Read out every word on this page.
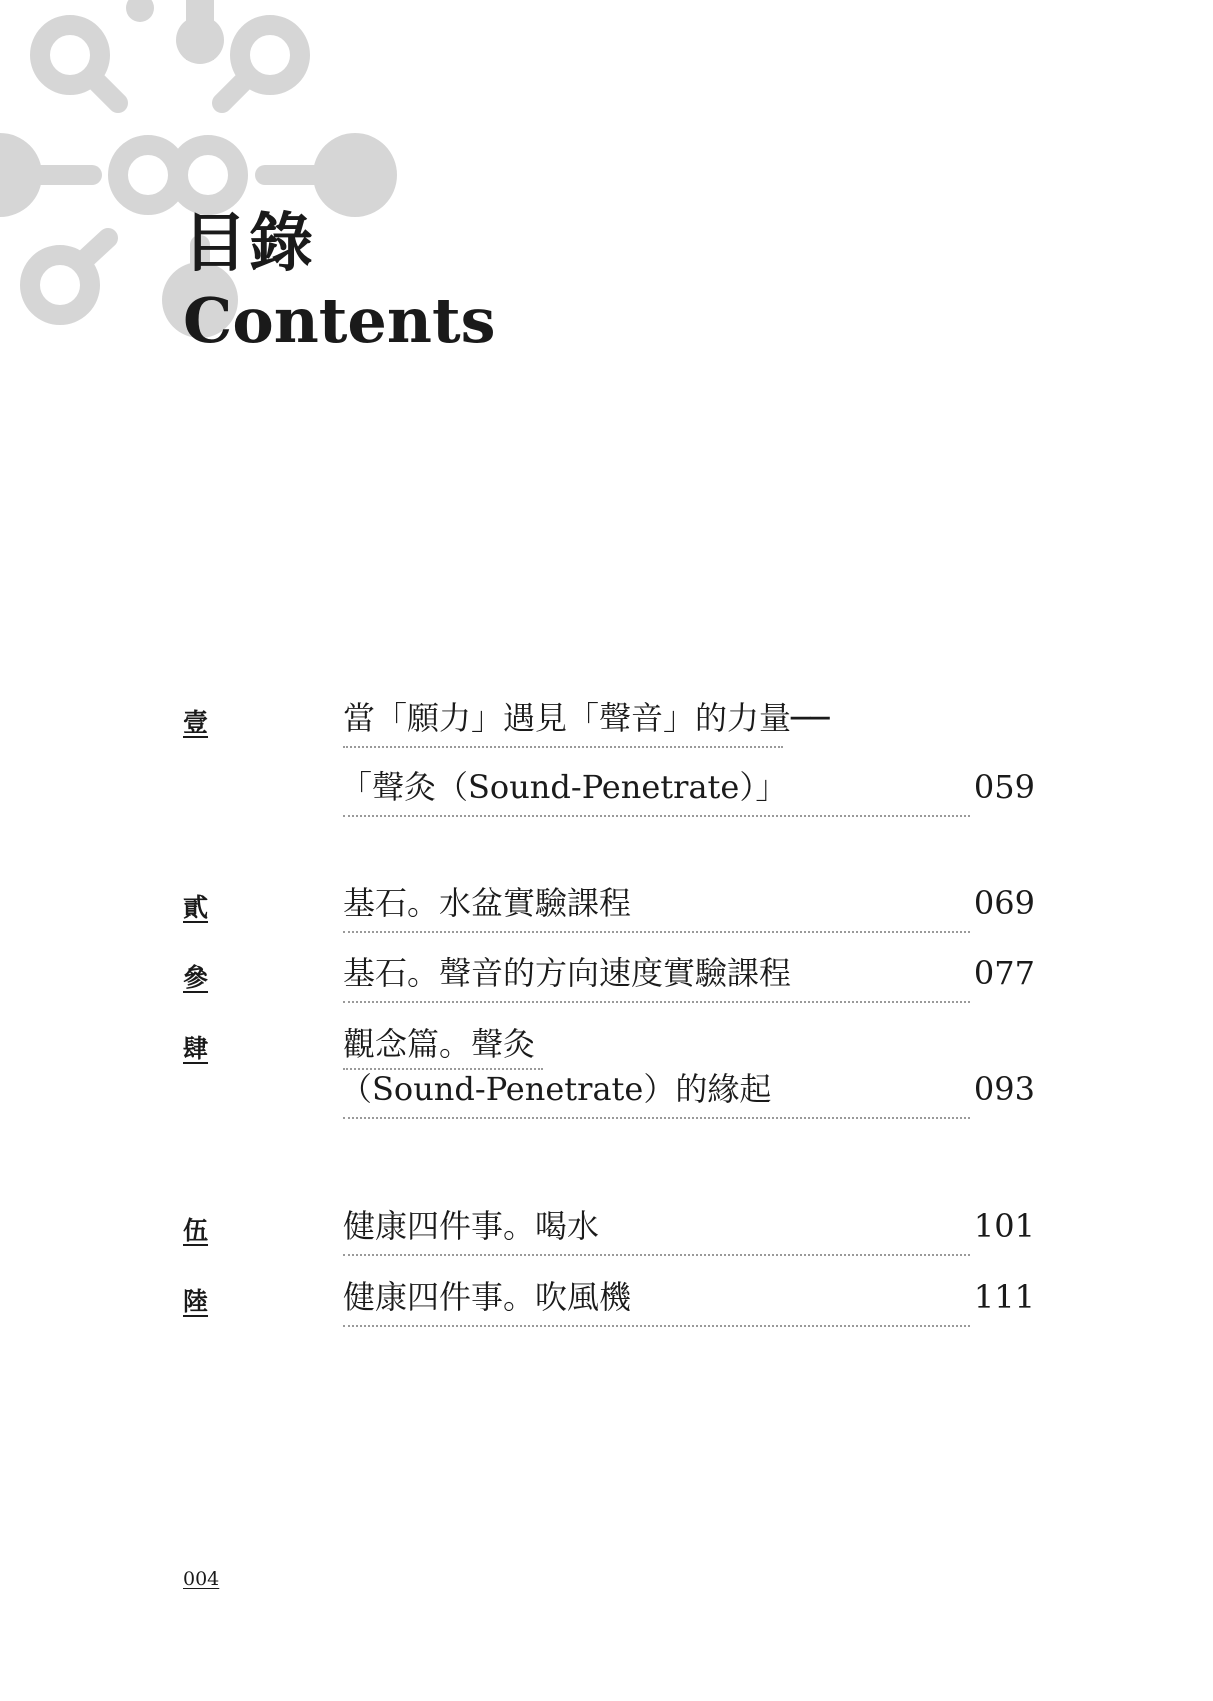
目錄
Contents
壹	當「願力」遇見「聲音」的力量──
「聲灸（Sound-Penetrate）」	059
貳	基石。水盆實驗課程	069
參	基石。聲音的方向速度實驗課程	077
肆	觀念篇。聲灸
（Sound-Penetrate）的緣起	093
伍	健康四件事。喝水	101
陸	健康四件事。吹風機	111
004
